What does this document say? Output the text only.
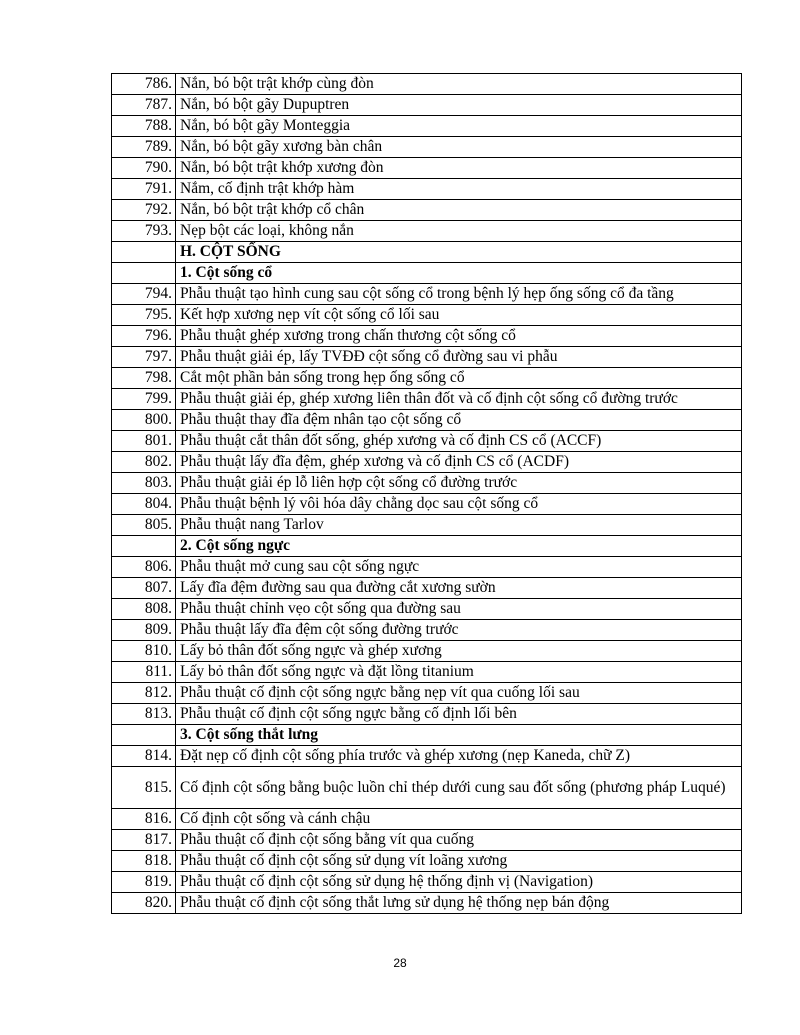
786.	Nắn, bó bột trật khớp cùng đòn
787.	Nắn, bó bột gãy Dupuptren
788.	Nắn, bó bột gãy Monteggia
789.	Nắn, bó bột gãy xương bàn chân
790.	Nắn, bó bột trật khớp xương đòn
791.	Nắm, cố định trật khớp hàm
792.	Nắn, bó bột trật khớp cổ chân
793.	Nẹp bột các loại, không nắn
	H. CỘT SỐNG
	1. Cột sống cổ
794.	Phẫu thuật tạo hình cung sau cột sống cổ trong bệnh lý hẹp ống sống cổ đa tầng
795.	Kết hợp xương nẹp vít cột sống cổ lối sau
796.	Phẫu thuật ghép xương trong chấn thương cột sống cổ
797.	Phẫu thuật giải ép, lấy TVĐĐ cột sống cổ đường sau vi phẫu
798.	Cắt một phần bản sống trong hẹp ống sống cổ
799.	Phẫu thuật giải ép, ghép xương liên thân đốt và cố định cột sống cổ đường trước
800.	Phẫu thuật thay đĩa đệm nhân tạo cột sống cổ
801.	Phẫu thuật cắt thân đốt sống, ghép xương và cố định CS cổ (ACCF)
802.	Phẫu thuật lấy đĩa đệm, ghép xương và cố định CS cổ (ACDF)
803.	Phẫu thuật giải ép lỗ liên hợp cột sống cổ đường trước
804.	Phẫu thuật bệnh lý vôi hóa dây chằng dọc sau cột sống cổ
805.	Phẫu thuật nang Tarlov
	2. Cột sống ngực
806.	Phẫu thuật mở cung sau cột sống ngực
807.	Lấy đĩa đệm đường sau qua đường cắt xương sườn
808.	Phẫu thuật chỉnh vẹo cột sống qua đường sau
809.	Phẫu thuật lấy đĩa đệm cột sống đường trước
810.	Lấy bỏ thân đốt sống ngực và ghép xương
811.	Lấy bỏ thân đốt sống ngực và đặt lồng titanium
812.	Phẫu thuật cố định cột sống ngực bằng nẹp vít qua cuống lối sau
813.	Phẫu thuật cố định cột sống ngực bằng cố định lối bên
	3. Cột sống thắt lưng
814.	Đặt nẹp cố định cột sống phía trước và ghép xương (nẹp Kaneda, chữ Z)
815.	Cố định cột sống bằng buộc luồn chỉ thép dưới cung sau đốt sống (phương pháp Luqué)
816.	Cố định cột sống và cánh chậu
817.	Phẫu thuật cố định cột sống bằng vít qua cuống
818.	Phẫu thuật cố định cột sống sử dụng vít loãng xương
819.	Phẫu thuật cố định cột sống sử dụng hệ thống định vị (Navigation)
820.	Phẫu thuật cố định cột sống thắt lưng sử dụng hệ thống nẹp bán động
28
